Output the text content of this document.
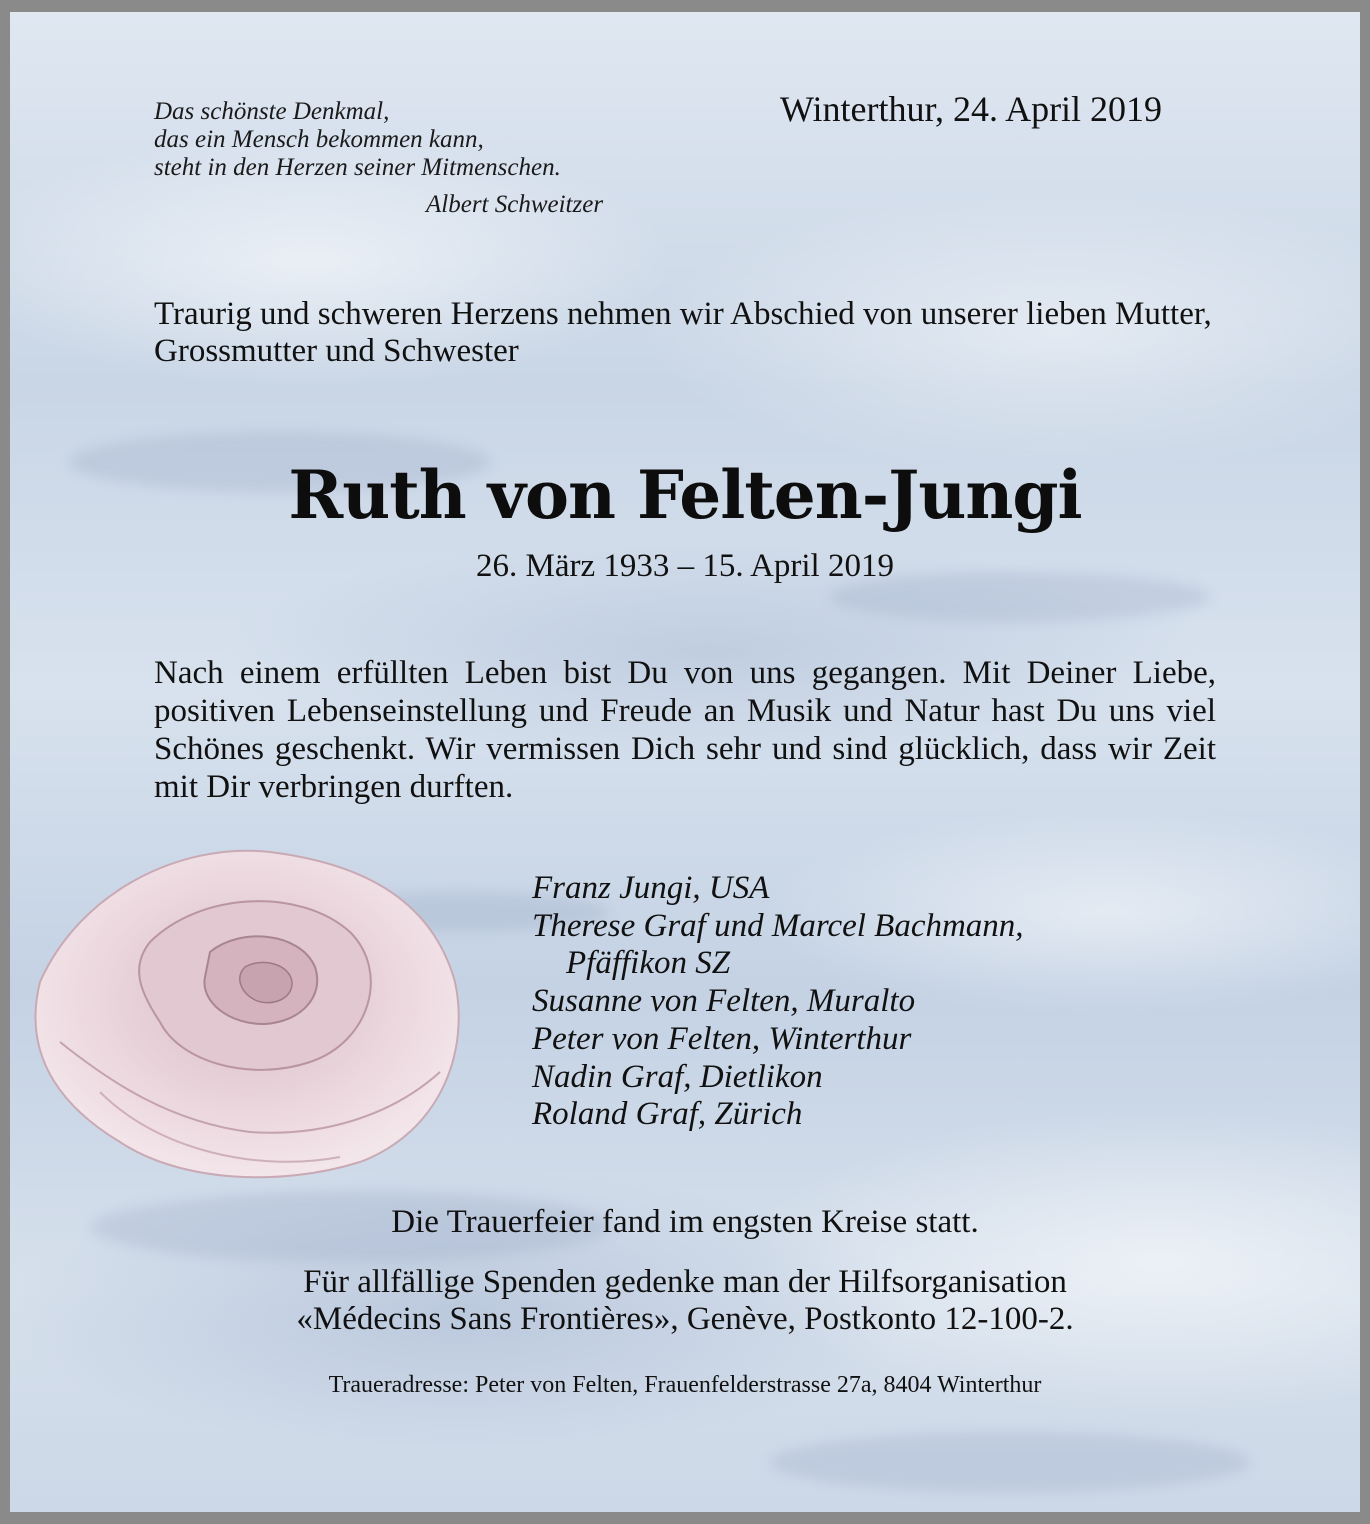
Das schönste Denkmal,
das ein Mensch bekommen kann,
steht in den Herzen seiner Mitmenschen.
Albert Schweitzer
Winterthur, 24. April 2019
Traurig und schweren Herzens nehmen wir Abschied von unserer lieben Mutter, Grossmutter und Schwester
Ruth von Felten-Jungi
26. März 1933 – 15. April 2019
Nach einem erfüllten Leben bist Du von uns gegangen. Mit Deiner Liebe, positiven Lebenseinstellung und Freude an Musik und Natur hast Du uns viel Schönes geschenkt. Wir vermissen Dich sehr und sind glücklich, dass wir Zeit mit Dir verbringen durften.
Franz Jungi, USA
Therese Graf und Marcel Bachmann,
Pfäffikon SZ
Susanne von Felten, Muralto
Peter von Felten, Winterthur
Nadin Graf, Dietlikon
Roland Graf, Zürich
Die Trauerfeier fand im engsten Kreise statt.
Für allfällige Spenden gedenke man der Hilfsorganisation
«Médecins Sans Frontières», Genève, Postkonto 12-100-2.
Traueradresse: Peter von Felten, Frauenfelderstrasse 27a, 8404 Winterthur
